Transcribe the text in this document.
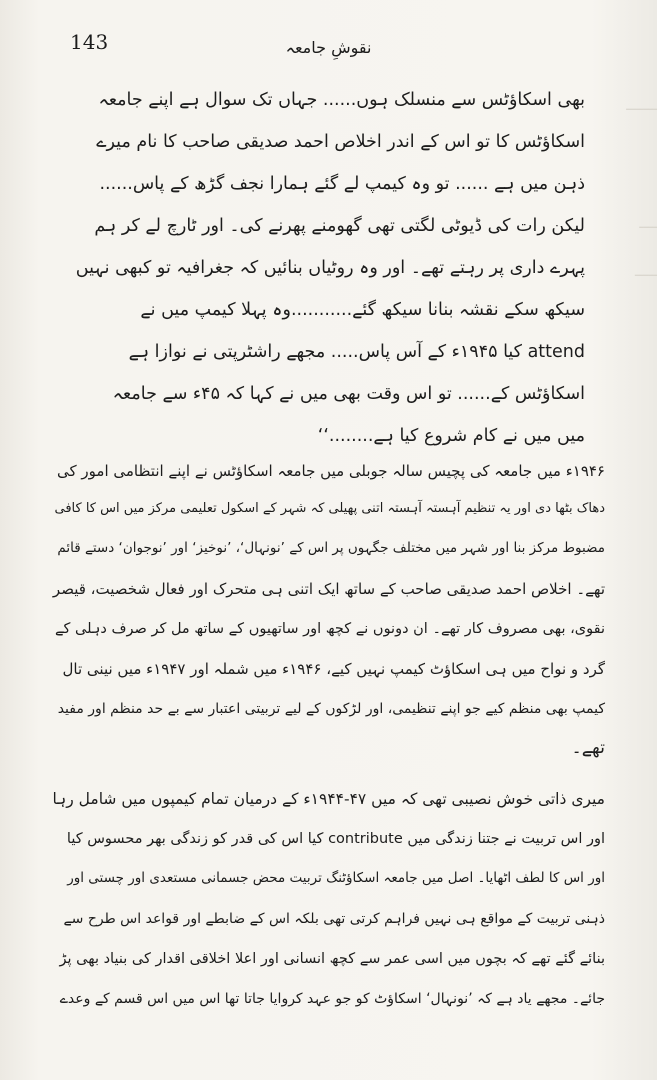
143	نقوشِ جامعہ
ـــــــ
ــــ
ـــــ
بھی اسکاؤٹس سے منسلک ہوں...... جہاں تک سوال ہے اپنے جامعہ
اسکاؤٹس کا تو اس کے اندر اخلاص احمد صدیقی صاحب کا نام میرے
ذہن میں ہے ...... تو وہ کیمپ لے گئے ہمارا نجف گڑھ کے پاس......
لیکن رات کی ڈیوٹی لگتی تھی گھومنے پھرنے کی۔ اور ٹارچ لے کر ہم
پہرے داری پر رہتے تھے۔ اور وہ روٹیاں بنائیں کہ جغرافیہ تو کبھی نہیں
سیکھ سکے نقشہ بنانا سیکھ گئے...........وہ پہلا کیمپ میں نے
attend کیا ۱۹۴۵ء کے آس پاس..... مجھے راشٹرپتی نے نوازا ہے
اسکاؤٹس کے...... تو اس وقت بھی میں نے کہا کہ ۴۵ء سے جامعہ
میں میں نے کام شروع کیا ہے........‘‘
۱۹۴۶ء میں جامعہ کی پچیس سالہ جوبلی میں جامعہ اسکاؤٹس نے اپنے انتظامی امور کی
دھاک بٹھا دی اور یہ تنظیم آہستہ آہستہ اتنی پھیلی کہ شہر کے اسکول تعلیمی مرکز میں اس کا کافی
مضبوط مرکز بنا اور شہر میں مختلف جگہوں پر اس کے ’نونہال‘، ’نوخیز‘ اور ’نوجوان‘ دستے قائم
تھے۔ اخلاص احمد صدیقی صاحب کے ساتھ ایک اتنی ہی متحرک اور فعال شخصیت، قیصر
نقوی، بھی مصروف کار تھے۔ ان دونوں نے کچھ اور ساتھیوں کے ساتھ مل کر صرف دہلی کے
گرد و نواح میں ہی اسکاؤٹ کیمپ نہیں کیے، ۱۹۴۶ء میں شملہ اور ۱۹۴۷ء میں نینی تال
کیمپ بھی منظم کیے جو اپنے تنظیمی، اور لڑکوں کے لیے تربیتی اعتبار سے بے حد منظم اور مفید
تھے۔
میری ذاتی خوش نصیبی تھی کہ میں ۴۷-۱۹۴۴ء کے درمیان تمام کیمپوں میں شامل رہا
اور اس تربیت نے جتنا زندگی میں contribute کیا اس کی قدر کو زندگی بھر محسوس کیا
اور اس کا لطف اٹھایا۔ اصل میں جامعہ اسکاؤٹنگ تربیت محض جسمانی مستعدی اور چستی اور
ذہنی تربیت کے مواقع ہی نہیں فراہم کرتی تھی بلکہ اس کے ضابطے اور قواعد اس طرح سے
بنائے گئے تھے کہ بچوں میں اسی عمر سے کچھ انسانی اور اعلا اخلاقی اقدار کی بنیاد بھی پڑ
جائے۔ مجھے یاد ہے کہ ’نونہال‘ اسکاؤٹ کو جو عہد کروایا جاتا تھا اس میں اس قسم کے وعدے
